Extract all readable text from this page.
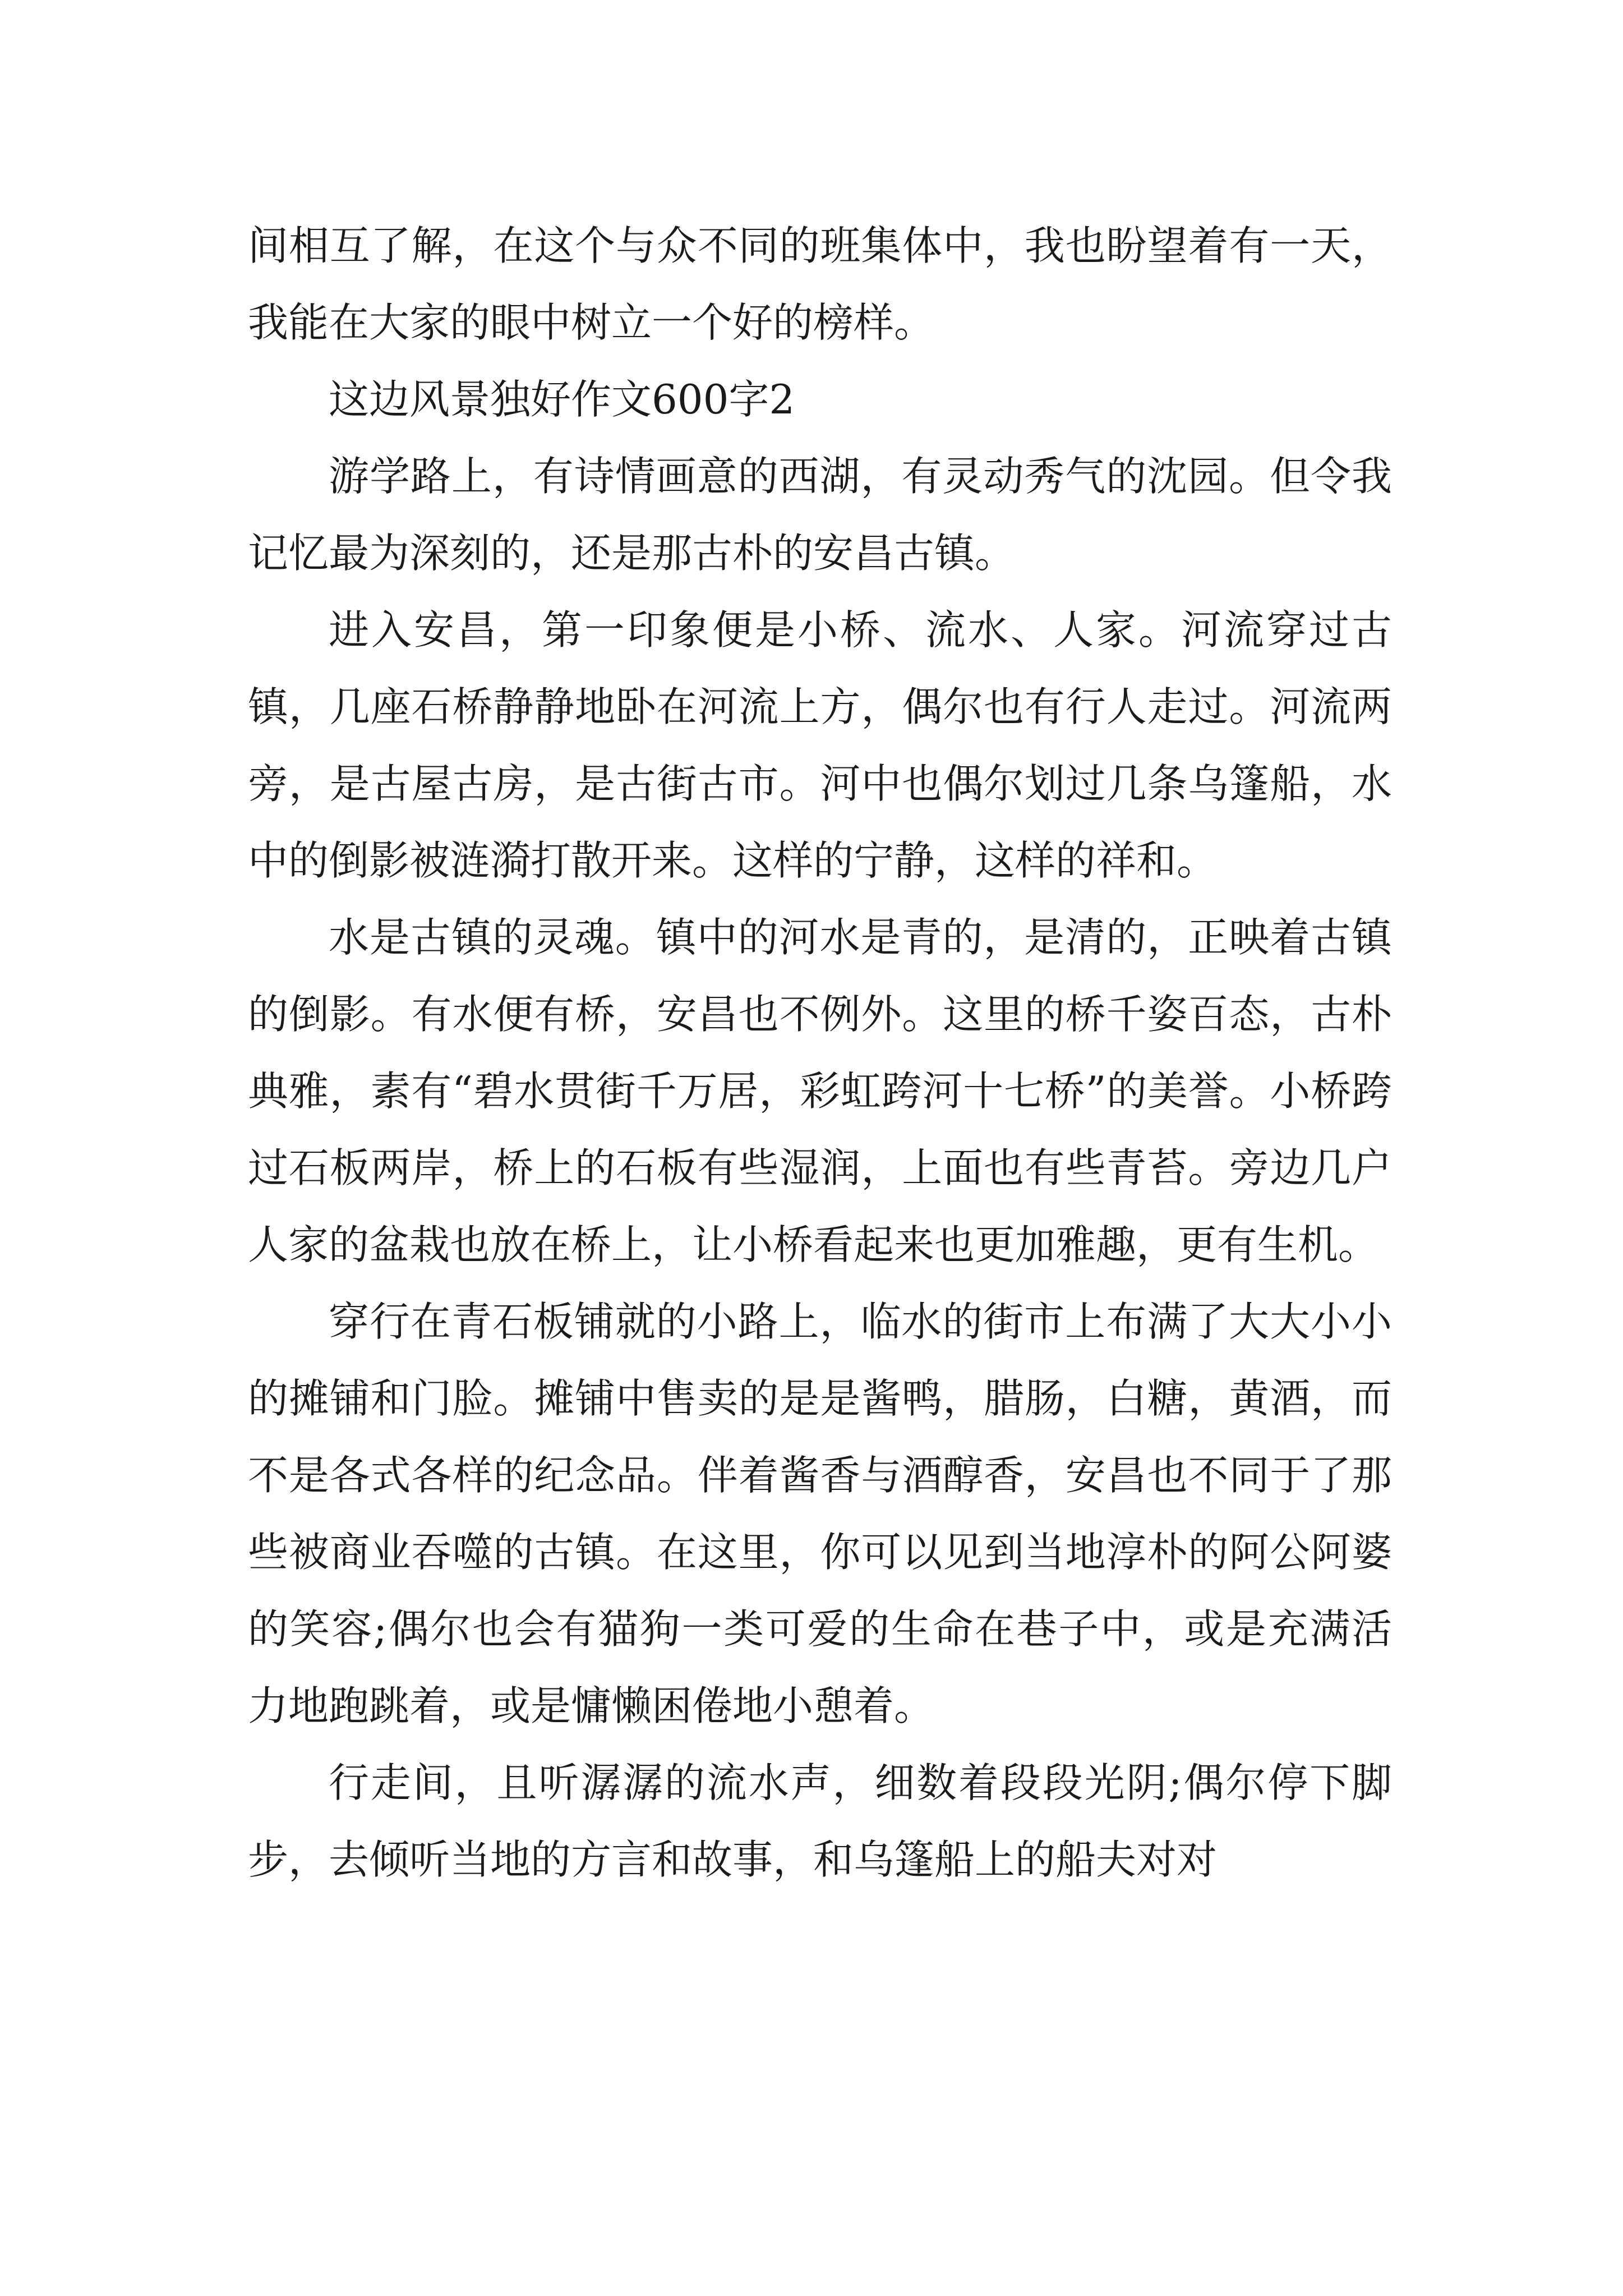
间相互了解，在这个与众不同的班集体中，我也盼望着有一天，我能在大家的眼中树立一个好的榜样。

这边风景独好作文600字2

游学路上，有诗情画意的西湖，有灵动秀气的沈园。但令我记忆最为深刻的，还是那古朴的安昌古镇。

进入安昌，第一印象便是小桥、流水、人家。河流穿过古镇，几座石桥静静地卧在河流上方，偶尔也有行人走过。河流两旁，是古屋古房，是古街古市。河中也偶尔划过几条乌篷船，水中的倒影被涟漪打散开来。这样的宁静，这样的祥和。

水是古镇的灵魂。镇中的河水是青的，是清的，正映着古镇的倒影。有水便有桥，安昌也不例外。这里的桥千姿百态，古朴典雅，素有“碧水贯街千万居，彩虹跨河十七桥”的美誉。小桥跨过石板两岸，桥上的石板有些湿润，上面也有些青苔。旁边几户人家的盆栽也放在桥上，让小桥看起来也更加雅趣，更有生机。

穿行在青石板铺就的小路上，临水的街市上布满了大大小小的摊铺和门脸。摊铺中售卖的是是酱鸭，腊肠，白糖，黄酒，而不是各式各样的纪念品。伴着酱香与酒醇香，安昌也不同于了那些被商业吞噬的古镇。在这里，你可以见到当地淳朴的阿公阿婆的笑容;偶尔也会有猫狗一类可爱的生命在巷子中，或是充满活力地跑跳着，或是慵懒困倦地小憩着。

行走间，且听潺潺的流水声，细数着段段光阴;偶尔停下脚步，去倾听当地的方言和故事，和乌篷船上的船夫对对
